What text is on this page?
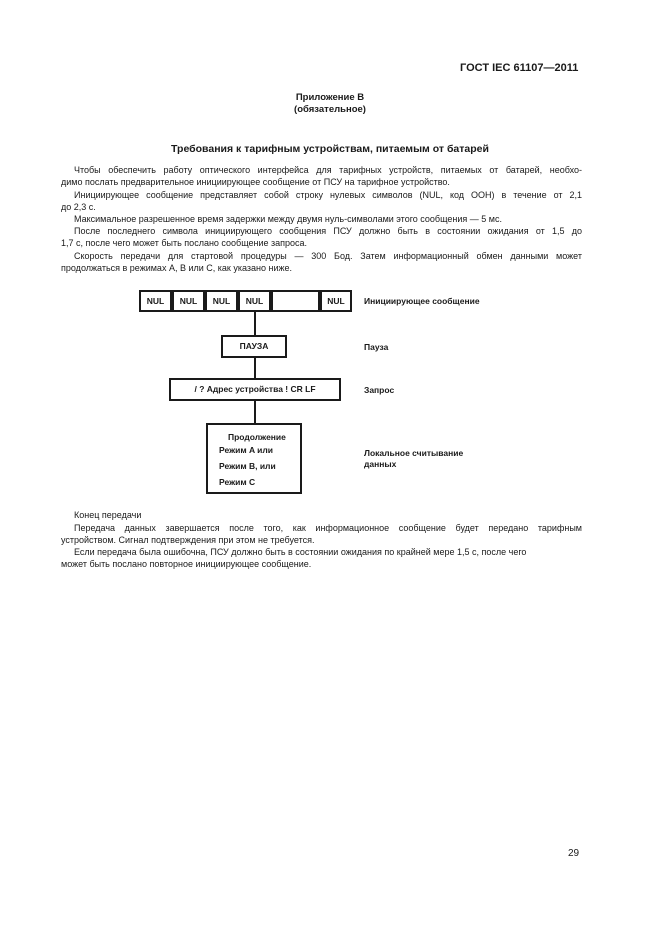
ГОСТ IEC 61107—2011
Приложение B
(обязательное)
Требования к тарифным устройствам, питаемым от батарей
Чтобы обеспечить работу оптического интерфейса для тарифных устройств, питаемых от батарей, необхо-
димо послать предварительное инициирующее сообщение от ПСУ на тарифное устройство.
Инициирующее сообщение представляет собой строку нулевых символов (NUL, код OOH) в течение от 2,1
до 2,3 с.
Максимальное разрешенное время задержки между двумя нуль-символами этого сообщения — 5 мс.
После последнего символа инициирующего сообщения ПСУ должно быть в состоянии ожидания от 1,5 до
1,7 с, после чего может быть послано сообщение запроса.
Скорость передачи для стартовой процедуры — 300 Бод. Затем информационный обмен данными может
продолжаться в режимах A, B или C, как указано ниже.
NUL	NUL	NUL	NUL	NUL
ПАУЗА
/ ? Адрес устройства ! CR LF
Продолжение
Режим A или
Режим B, или
Режим C
Инициирующее сообщение
Пауза
Запрос
Локальное считывание
данных
Конец передачи
Передача данных завершается после того, как информационное сообщение будет передано тарифным
устройством. Сигнал подтверждения при этом не требуется.
Если передача была ошибочна, ПСУ должно быть в состоянии ожидания по крайней мере 1,5 с, после чего
может быть послано повторное инициирующее сообщение.
29
